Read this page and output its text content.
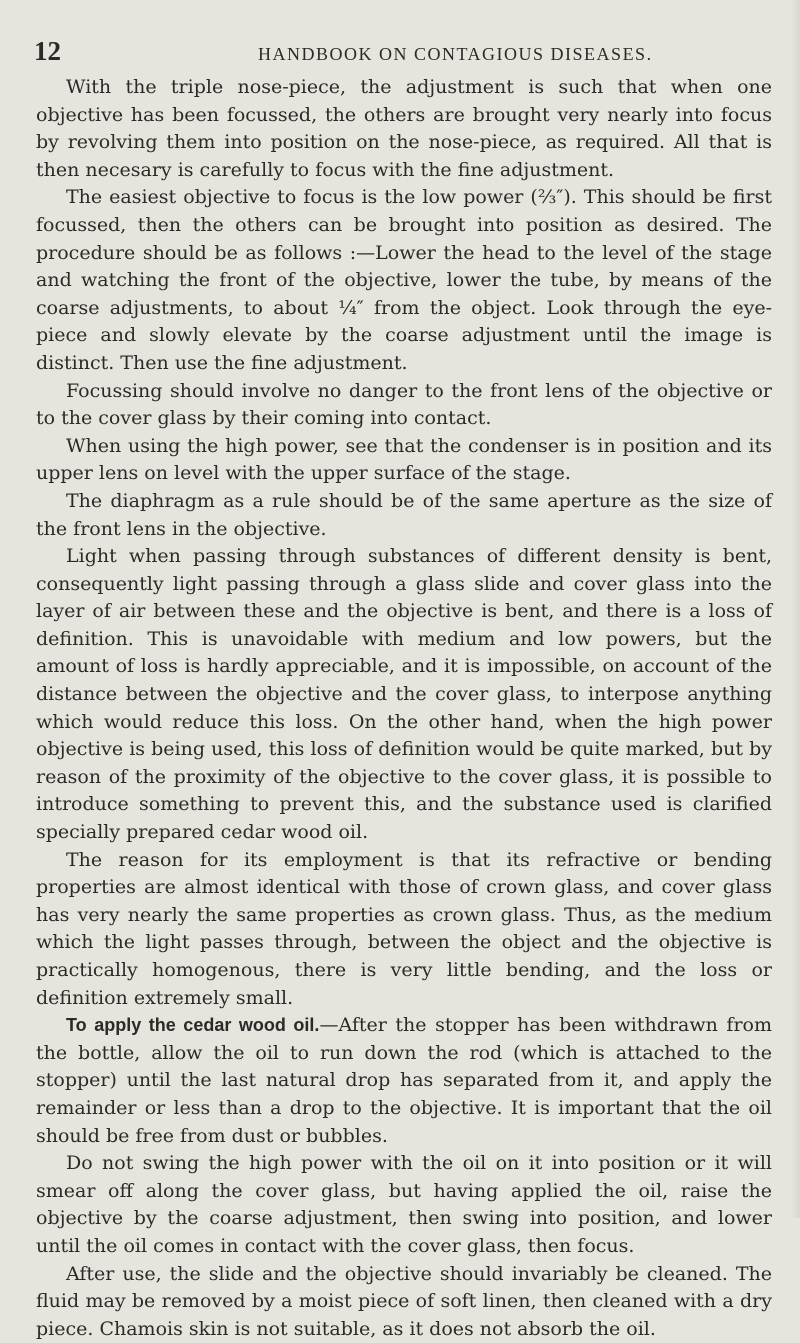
12	HANDBOOK ON CONTAGIOUS DISEASES.

With the triple nose-piece, the adjustment is such that when one objective has been focussed, the others are brought very nearly into focus by revolving them into position on the nose-piece, as required. All that is then necesary is carefully to focus with the fine adjustment.

The easiest objective to focus is the low power (⅔″). This should be first focussed, then the others can be brought into position as desired. The procedure should be as follows :—Lower the head to the level of the stage and watching the front of the objective, lower the tube, by means of the coarse adjustments, to about ¼″ from the object. Look through the eye-piece and slowly elevate by the coarse adjustment until the image is distinct. Then use the fine adjustment.

Focussing should involve no danger to the front lens of the objective or to the cover glass by their coming into contact.

When using the high power, see that the condenser is in position and its upper lens on level with the upper surface of the stage.

The diaphragm as a rule should be of the same aperture as the size of the front lens in the objective.

Light when passing through substances of different density is bent, consequently light passing through a glass slide and cover glass into the layer of air between these and the objective is bent, and there is a loss of definition. This is unavoidable with medium and low powers, but the amount of loss is hardly appreciable, and it is impossible, on account of the distance between the objective and the cover glass, to interpose anything which would reduce this loss. On the other hand, when the high power objective is being used, this loss of definition would be quite marked, but by reason of the proximity of the objective to the cover glass, it is possible to introduce something to prevent this, and the substance used is clarified specially prepared cedar wood oil.

The reason for its employment is that its refractive or bending properties are almost identical with those of crown glass, and cover glass has very nearly the same properties as crown glass. Thus, as the medium which the light passes through, between the object and the objective is practically homogenous, there is very little bending, and the loss or definition extremely small.

To apply the cedar wood oil.—After the stopper has been withdrawn from the bottle, allow the oil to run down the rod (which is attached to the stopper) until the last natural drop has separated from it, and apply the remainder or less than a drop to the objective. It is important that the oil should be free from dust or bubbles.

Do not swing the high power with the oil on it into position or it will smear off along the cover glass, but having applied the oil, raise the objective by the coarse adjustment, then swing into position, and lower until the oil comes in contact with the cover glass, then focus.

After use, the slide and the objective should invariably be cleaned. The fluid may be removed by a moist piece of soft linen, then cleaned with a dry piece. Chamois skin is not suitable, as it does not absorb the oil.
